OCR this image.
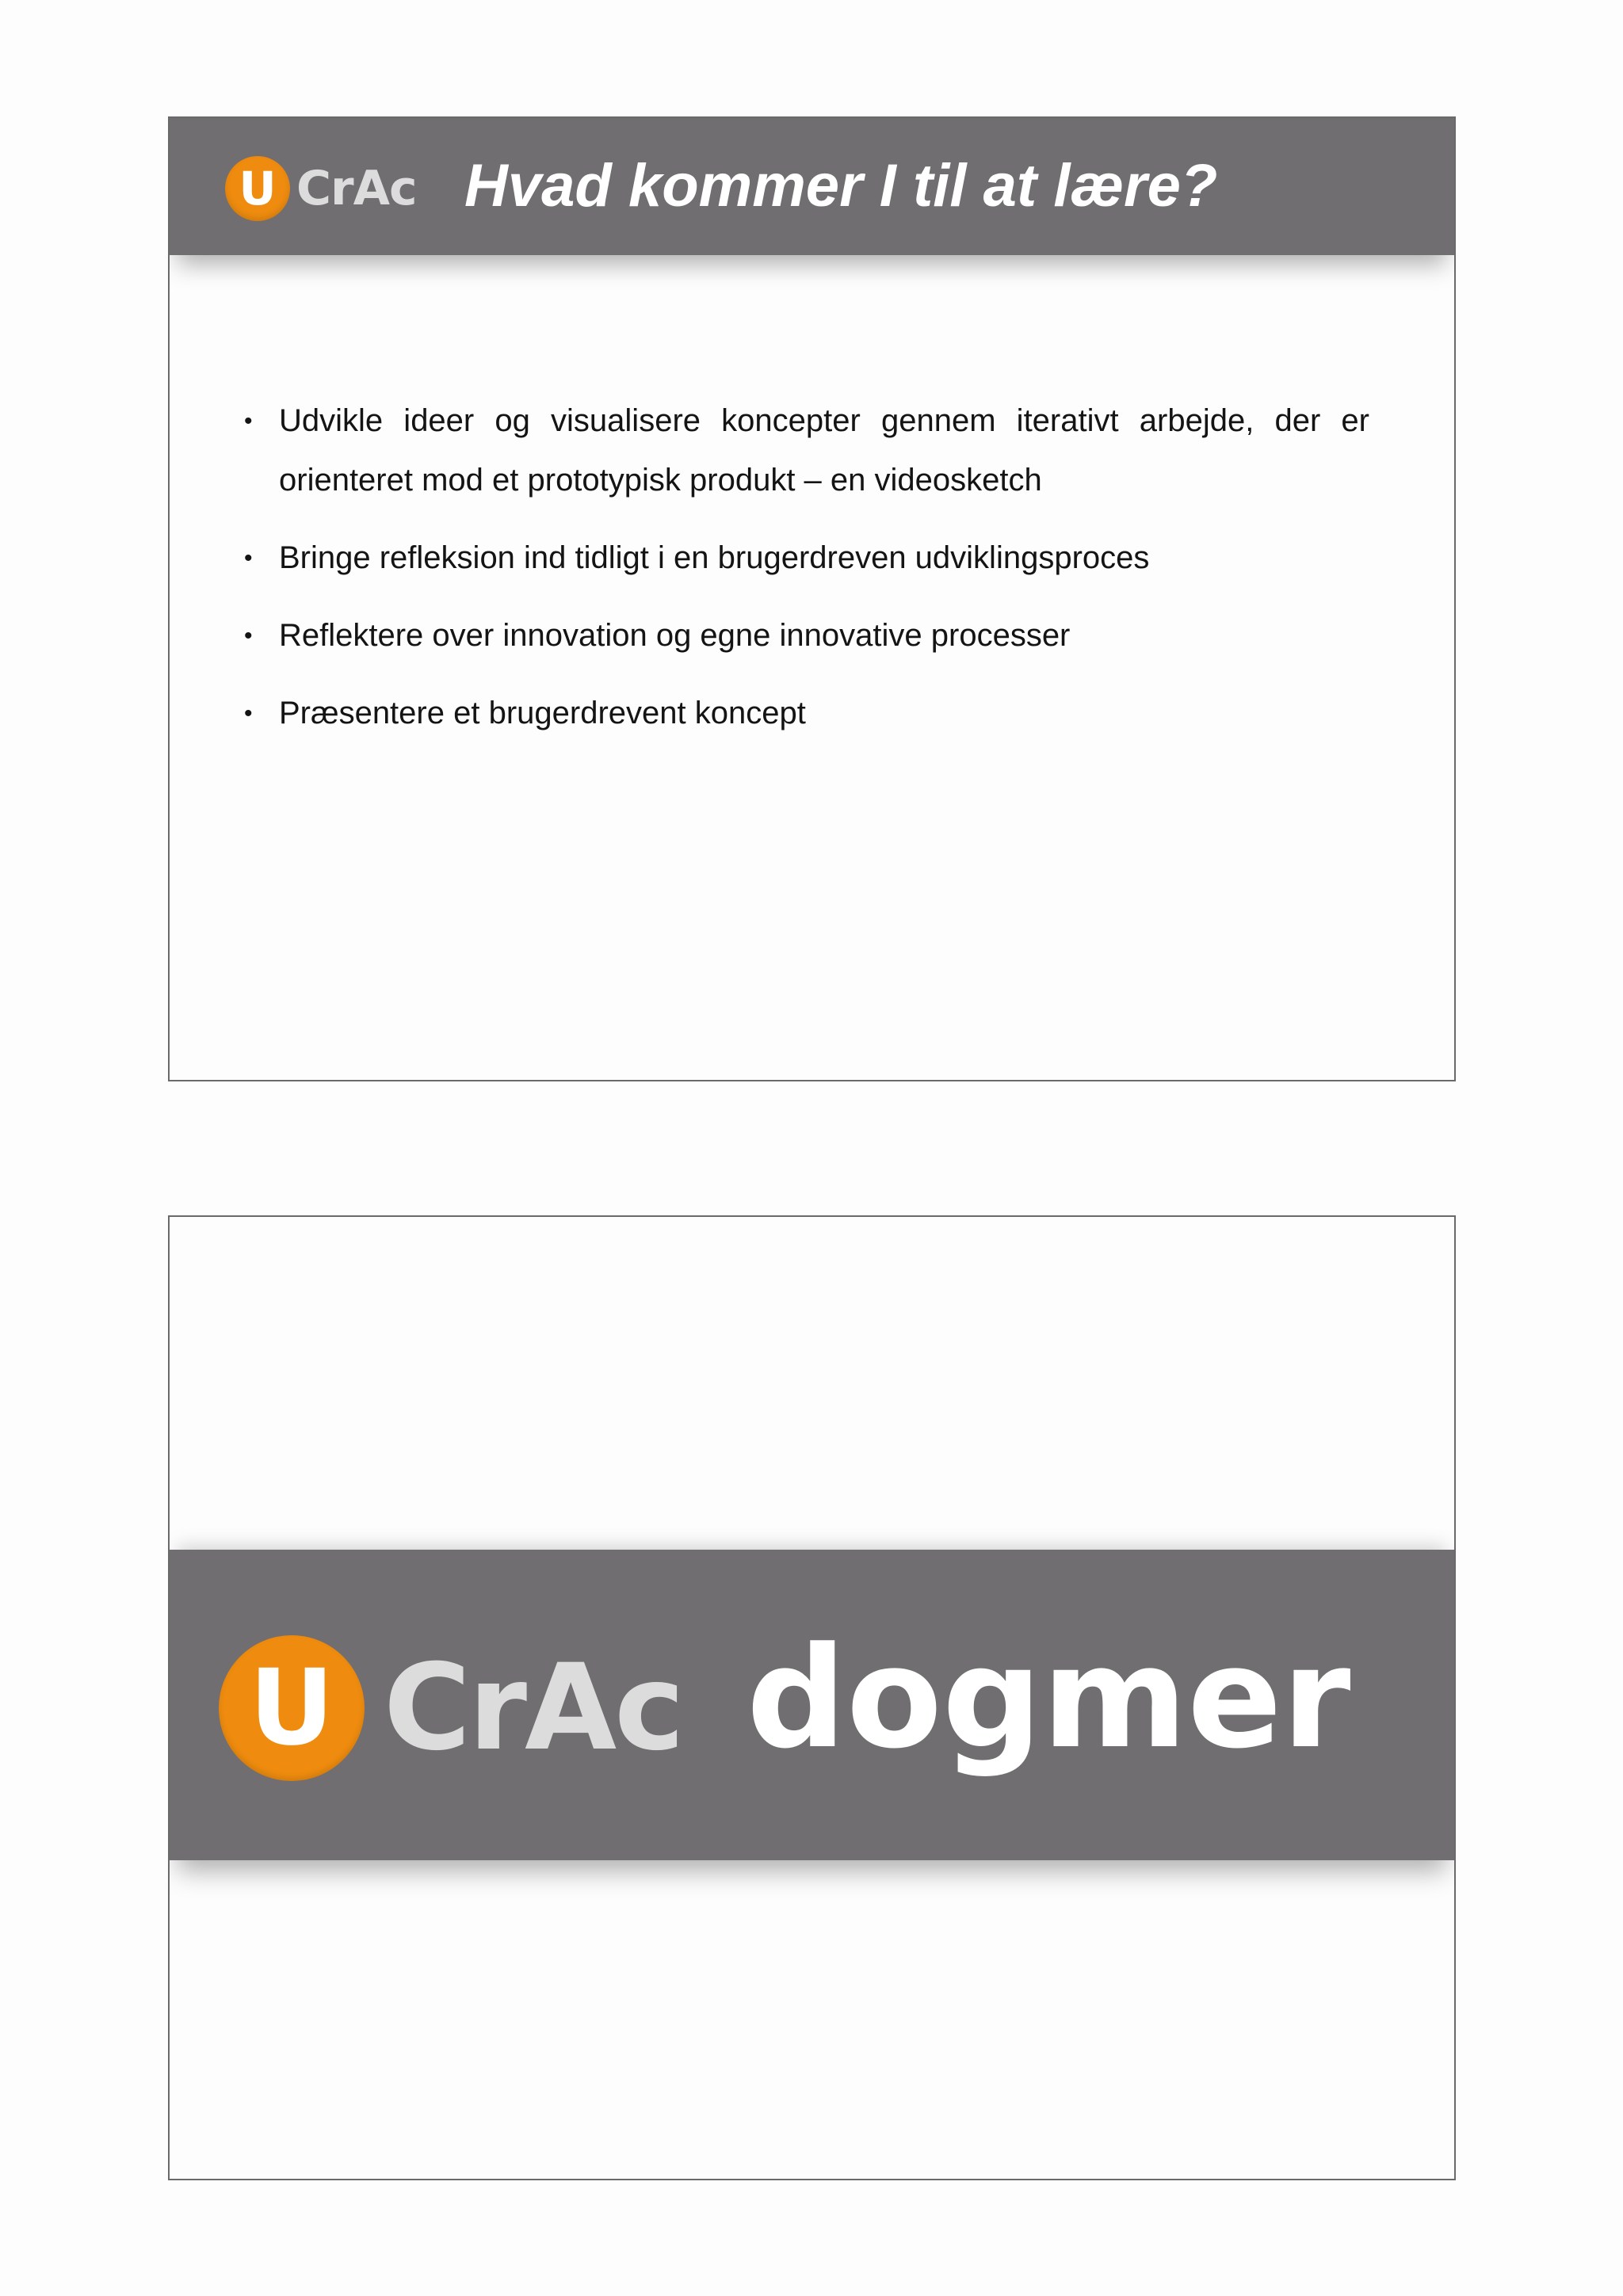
U CrAc Hvad kommer I til at lære?
• Udvikle ideer og visualisere koncepter gennem iterativt arbejde, der er orienteret mod et prototypisk produkt – en videosketch
• Bringe refleksion ind tidligt i en brugerdreven udviklingsproces
• Reflektere over innovation og egne innovative processer
• Præsentere et brugerdrevent koncept
U CrAc dogmer
